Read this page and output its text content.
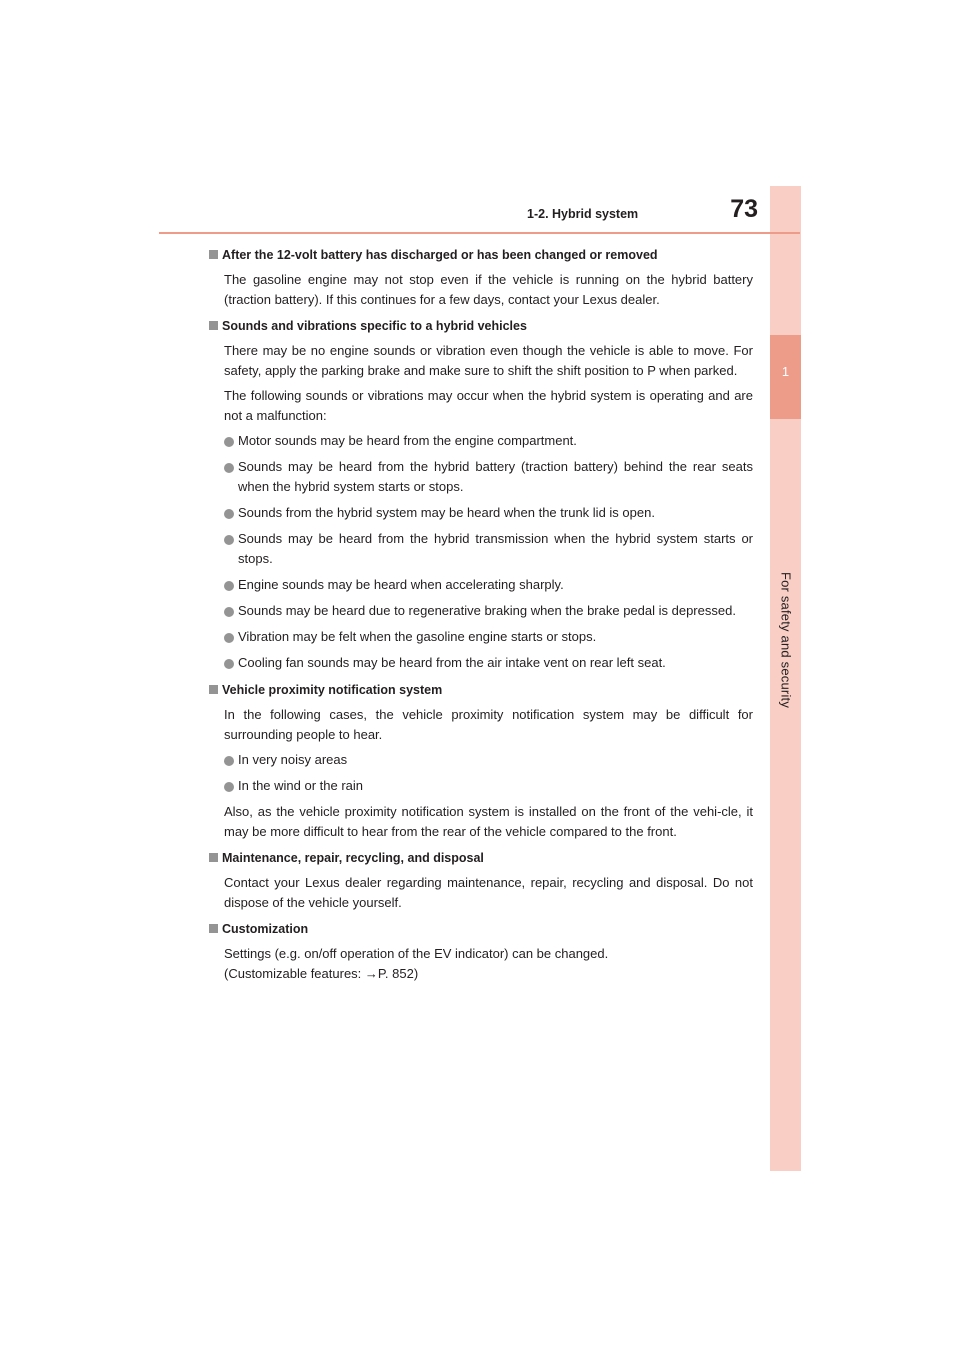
1
For safety and security
1-2. Hybrid system	73
After the 12-volt battery has discharged or has been changed or removed
The gasoline engine may not stop even if the vehicle is running on the hybrid battery (traction battery). If this continues for a few days, contact your Lexus dealer.
Sounds and vibrations specific to a hybrid vehicles
There may be no engine sounds or vibration even though the vehicle is able to move. For safety, apply the parking brake and make sure to shift the shift position to P when parked.
The following sounds or vibrations may occur when the hybrid system is operating and are not a malfunction:
Motor sounds may be heard from the engine compartment.
Sounds may be heard from the hybrid battery (traction battery) behind the rear seats when the hybrid system starts or stops.
Sounds from the hybrid system may be heard when the trunk lid is open.
Sounds may be heard from the hybrid transmission when the hybrid system starts or stops.
Engine sounds may be heard when accelerating sharply.
Sounds may be heard due to regenerative braking when the brake pedal is depressed.
Vibration may be felt when the gasoline engine starts or stops.
Cooling fan sounds may be heard from the air intake vent on rear left seat.
Vehicle proximity notification system
In the following cases, the vehicle proximity notification system may be difficult for surrounding people to hear.
In very noisy areas
In the wind or the rain
Also, as the vehicle proximity notification system is installed on the front of the vehi-cle, it may be more difficult to hear from the rear of the vehicle compared to the front.
Maintenance, repair, recycling, and disposal
Contact your Lexus dealer regarding maintenance, repair, recycling and disposal. Do not dispose of the vehicle yourself.
Customization
Settings (e.g. on/off operation of the EV indicator) can be changed.
(Customizable features: →P. 852)
